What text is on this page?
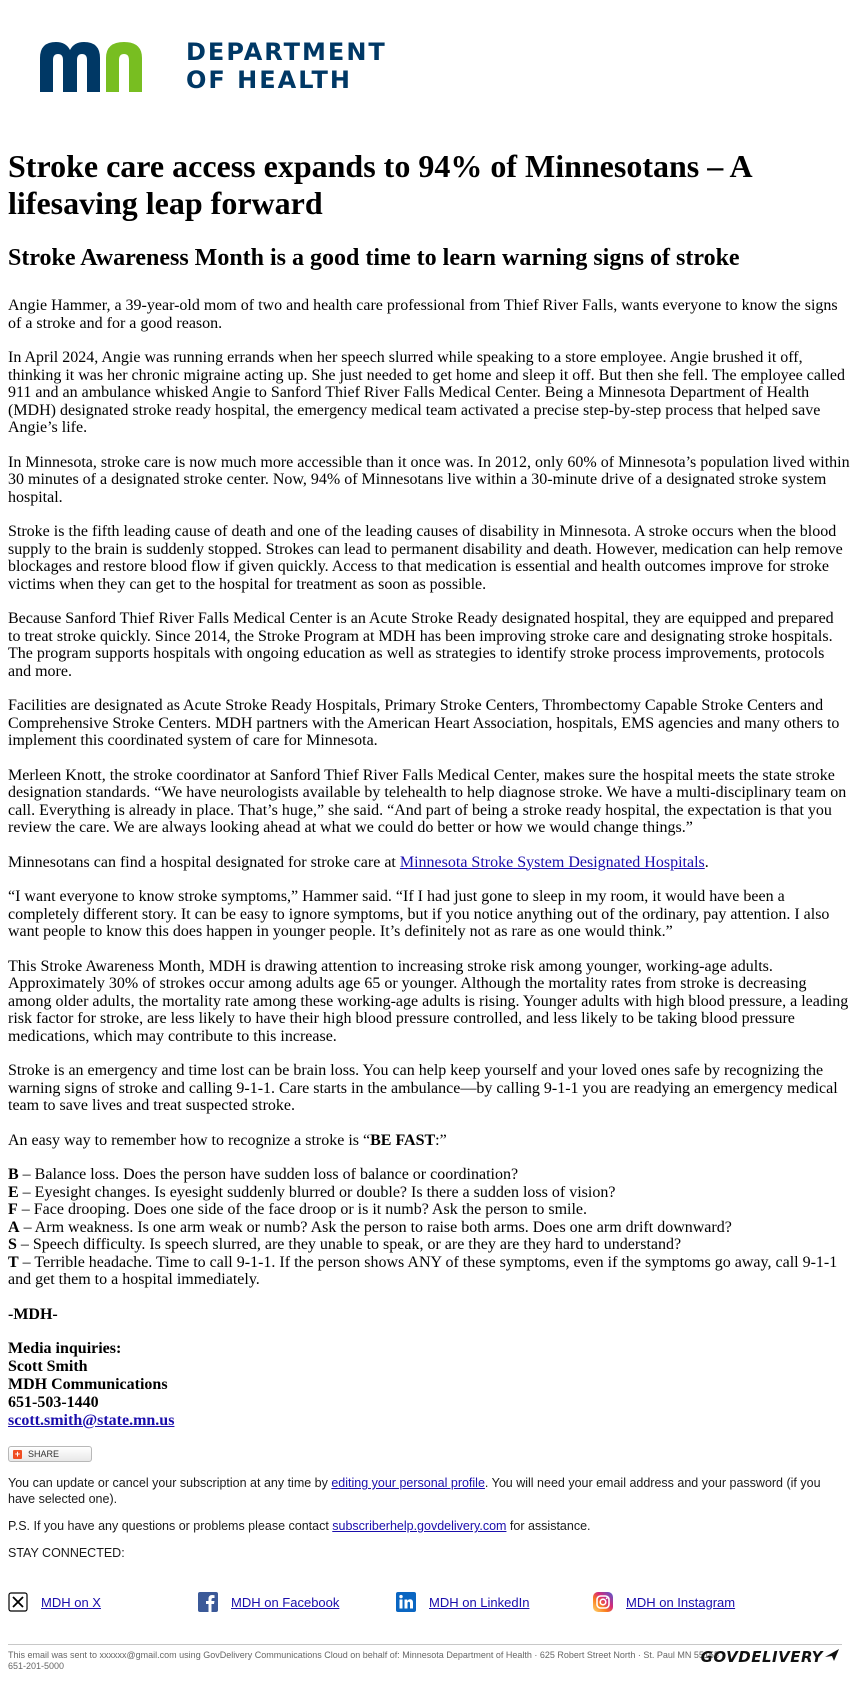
DEPARTMENT
OF HEALTH
Stroke care access expands to 94% of Minnesotans – A lifesaving leap forward
Stroke Awareness Month is a good time to learn warning signs of stroke

Angie Hammer, a 39-year-old mom of two and health care professional from Thief River Falls, wants everyone to know the signs of a stroke and for a good reason.

In April 2024, Angie was running errands when her speech slurred while speaking to a store employee. Angie brushed it off, thinking it was her chronic migraine acting up. She just needed to get home and sleep it off. But then she fell. The employee called 911 and an ambulance whisked Angie to Sanford Thief River Falls Medical Center. Being a Minnesota Department of Health (MDH) designated stroke ready hospital, the emergency medical team activated a precise step-by-step process that helped save Angie’s life.

In Minnesota, stroke care is now much more accessible than it once was. In 2012, only 60% of Minnesota’s population lived within 30 minutes of a designated stroke center. Now, 94% of Minnesotans live within a 30-minute drive of a designated stroke system hospital.

Stroke is the fifth leading cause of death and one of the leading causes of disability in Minnesota. A stroke occurs when the blood supply to the brain is suddenly stopped. Strokes can lead to permanent disability and death. However, medication can help remove blockages and restore blood flow if given quickly. Access to that medication is essential and health outcomes improve for stroke victims when they can get to the hospital for treatment as soon as possible.

Because Sanford Thief River Falls Medical Center is an Acute Stroke Ready designated hospital, they are equipped and prepared to treat stroke quickly. Since 2014, the Stroke Program at MDH has been improving stroke care and designating stroke hospitals. The program supports hospitals with ongoing education as well as strategies to identify stroke process improvements, protocols and more.

Facilities are designated as Acute Stroke Ready Hospitals, Primary Stroke Centers, Thrombectomy Capable Stroke Centers and Comprehensive Stroke Centers. MDH partners with the American Heart Association, hospitals, EMS agencies and many others to implement this coordinated system of care for Minnesota.

Merleen Knott, the stroke coordinator at Sanford Thief River Falls Medical Center, makes sure the hospital meets the state stroke designation standards. “We have neurologists available by telehealth to help diagnose stroke. We have a multi-disciplinary team on call. Everything is already in place. That’s huge,” she said. “And part of being a stroke ready hospital, the expectation is that you review the care. We are always looking ahead at what we could do better or how we would change things.”

Minnesotans can find a hospital designated for stroke care at Minnesota Stroke System Designated Hospitals.

“I want everyone to know stroke symptoms,” Hammer said. “If I had just gone to sleep in my room, it would have been a completely different story. It can be easy to ignore symptoms, but if you notice anything out of the ordinary, pay attention. I also want people to know this does happen in younger people. It’s definitely not as rare as one would think.”

This Stroke Awareness Month, MDH is drawing attention to increasing stroke risk among younger, working-age adults. Approximately 30% of strokes occur among adults age 65 or younger. Although the mortality rates from stroke is decreasing among older adults, the mortality rate among these working-age adults is rising. Younger adults with high blood pressure, a leading risk factor for stroke, are less likely to have their high blood pressure controlled, and less likely to be taking blood pressure medications, which may contribute to this increase.

Stroke is an emergency and time lost can be brain loss. You can help keep yourself and your loved ones safe by recognizing the warning signs of stroke and calling 9-1-1. Care starts in the ambulance—by calling 9-1-1 you are readying an emergency medical team to save lives and treat suspected stroke.

An easy way to remember how to recognize a stroke is “BE FAST:”

B – Balance loss. Does the person have sudden loss of balance or coordination?
E – Eyesight changes. Is eyesight suddenly blurred or double? Is there a sudden loss of vision?
F – Face drooping. Does one side of the face droop or is it numb? Ask the person to smile.
A – Arm weakness. Is one arm weak or numb? Ask the person to raise both arms. Does one arm drift downward?
S – Speech difficulty. Is speech slurred, are they unable to speak, or are they are they hard to understand?
T – Terrible headache. Time to call 9-1-1. If the person shows ANY of these symptoms, even if the symptoms go away, call 9-1-1 and get them to a hospital immediately.

-MDH-

Media inquiries:
Scott Smith
MDH Communications
651-503-1440
scott.smith@state.mn.us
+ SHARE

You can update or cancel your subscription at any time by editing your personal profile. You will need your email address and your password (if you have selected one).

P.S. If you have any questions or problems please contact subscriberhelp.govdelivery.com for assistance.

STAY CONNECTED:

MDH on X	MDH on Facebook	MDH on LinkedIn	MDH on Instagram
This email was sent to xxxxxx@gmail.com using GovDelivery Communications Cloud on behalf of: Minnesota Department of Health · 625 Robert Street North · St. Paul MN 55155 · 651-201-5000	GOVDELIVERY
